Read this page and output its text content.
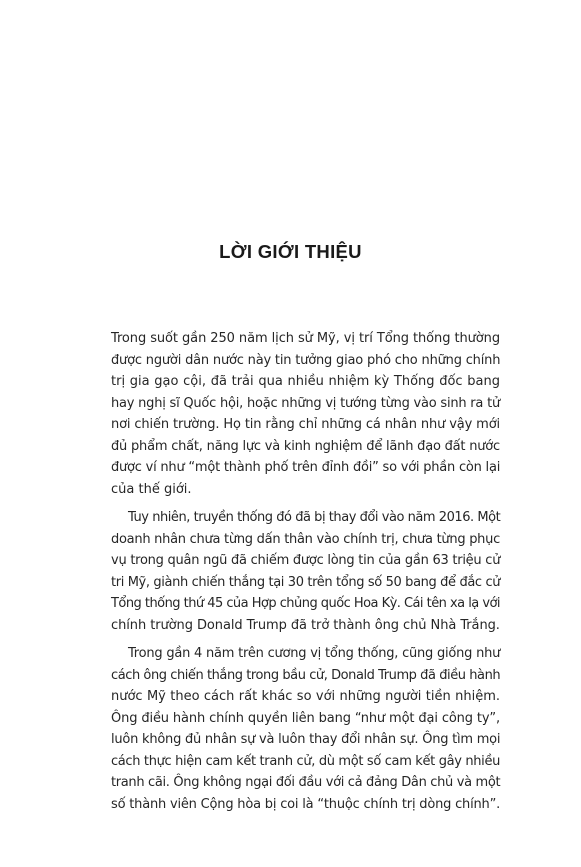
LỜI GIỚI THIỆU

Trong suốt gần 250 năm lịch sử Mỹ, vị trí Tổng thống thường
được người dân nước này tin tưởng giao phó cho những chính
trị gia gạo cội, đã trải qua nhiều nhiệm kỳ Thống đốc bang
hay nghị sĩ Quốc hội, hoặc những vị tướng từng vào sinh ra tử
nơi chiến trường. Họ tin rằng chỉ những cá nhân như vậy mới
đủ phẩm chất, năng lực và kinh nghiệm để lãnh đạo đất nước
được ví như “một thành phố trên đỉnh đồi” so với phần còn lại
của thế giới.

Tuy nhiên, truyền thống đó đã bị thay đổi vào năm 2016. Một
doanh nhân chưa từng dấn thân vào chính trị, chưa từng phục
vụ trong quân ngũ đã chiếm được lòng tin của gần 63 triệu cử
tri Mỹ, giành chiến thắng tại 30 trên tổng số 50 bang để đắc cử
Tổng thống thứ 45 của Hợp chủng quốc Hoa Kỳ. Cái tên xa lạ với
chính trường Donald Trump đã trở thành ông chủ Nhà Trắng.

Trong gần 4 năm trên cương vị tổng thống, cũng giống như
cách ông chiến thắng trong bầu cử, Donald Trump đã điều hành
nước Mỹ theo cách rất khác so với những người tiền nhiệm.
Ông điều hành chính quyền liên bang “như một đại công ty”,
luôn không đủ nhân sự và luôn thay đổi nhân sự. Ông tìm mọi
cách thực hiện cam kết tranh cử, dù một số cam kết gây nhiều
tranh cãi. Ông không ngại đối đầu với cả đảng Dân chủ và một
số thành viên Cộng hòa bị coi là “thuộc chính trị dòng chính”.
